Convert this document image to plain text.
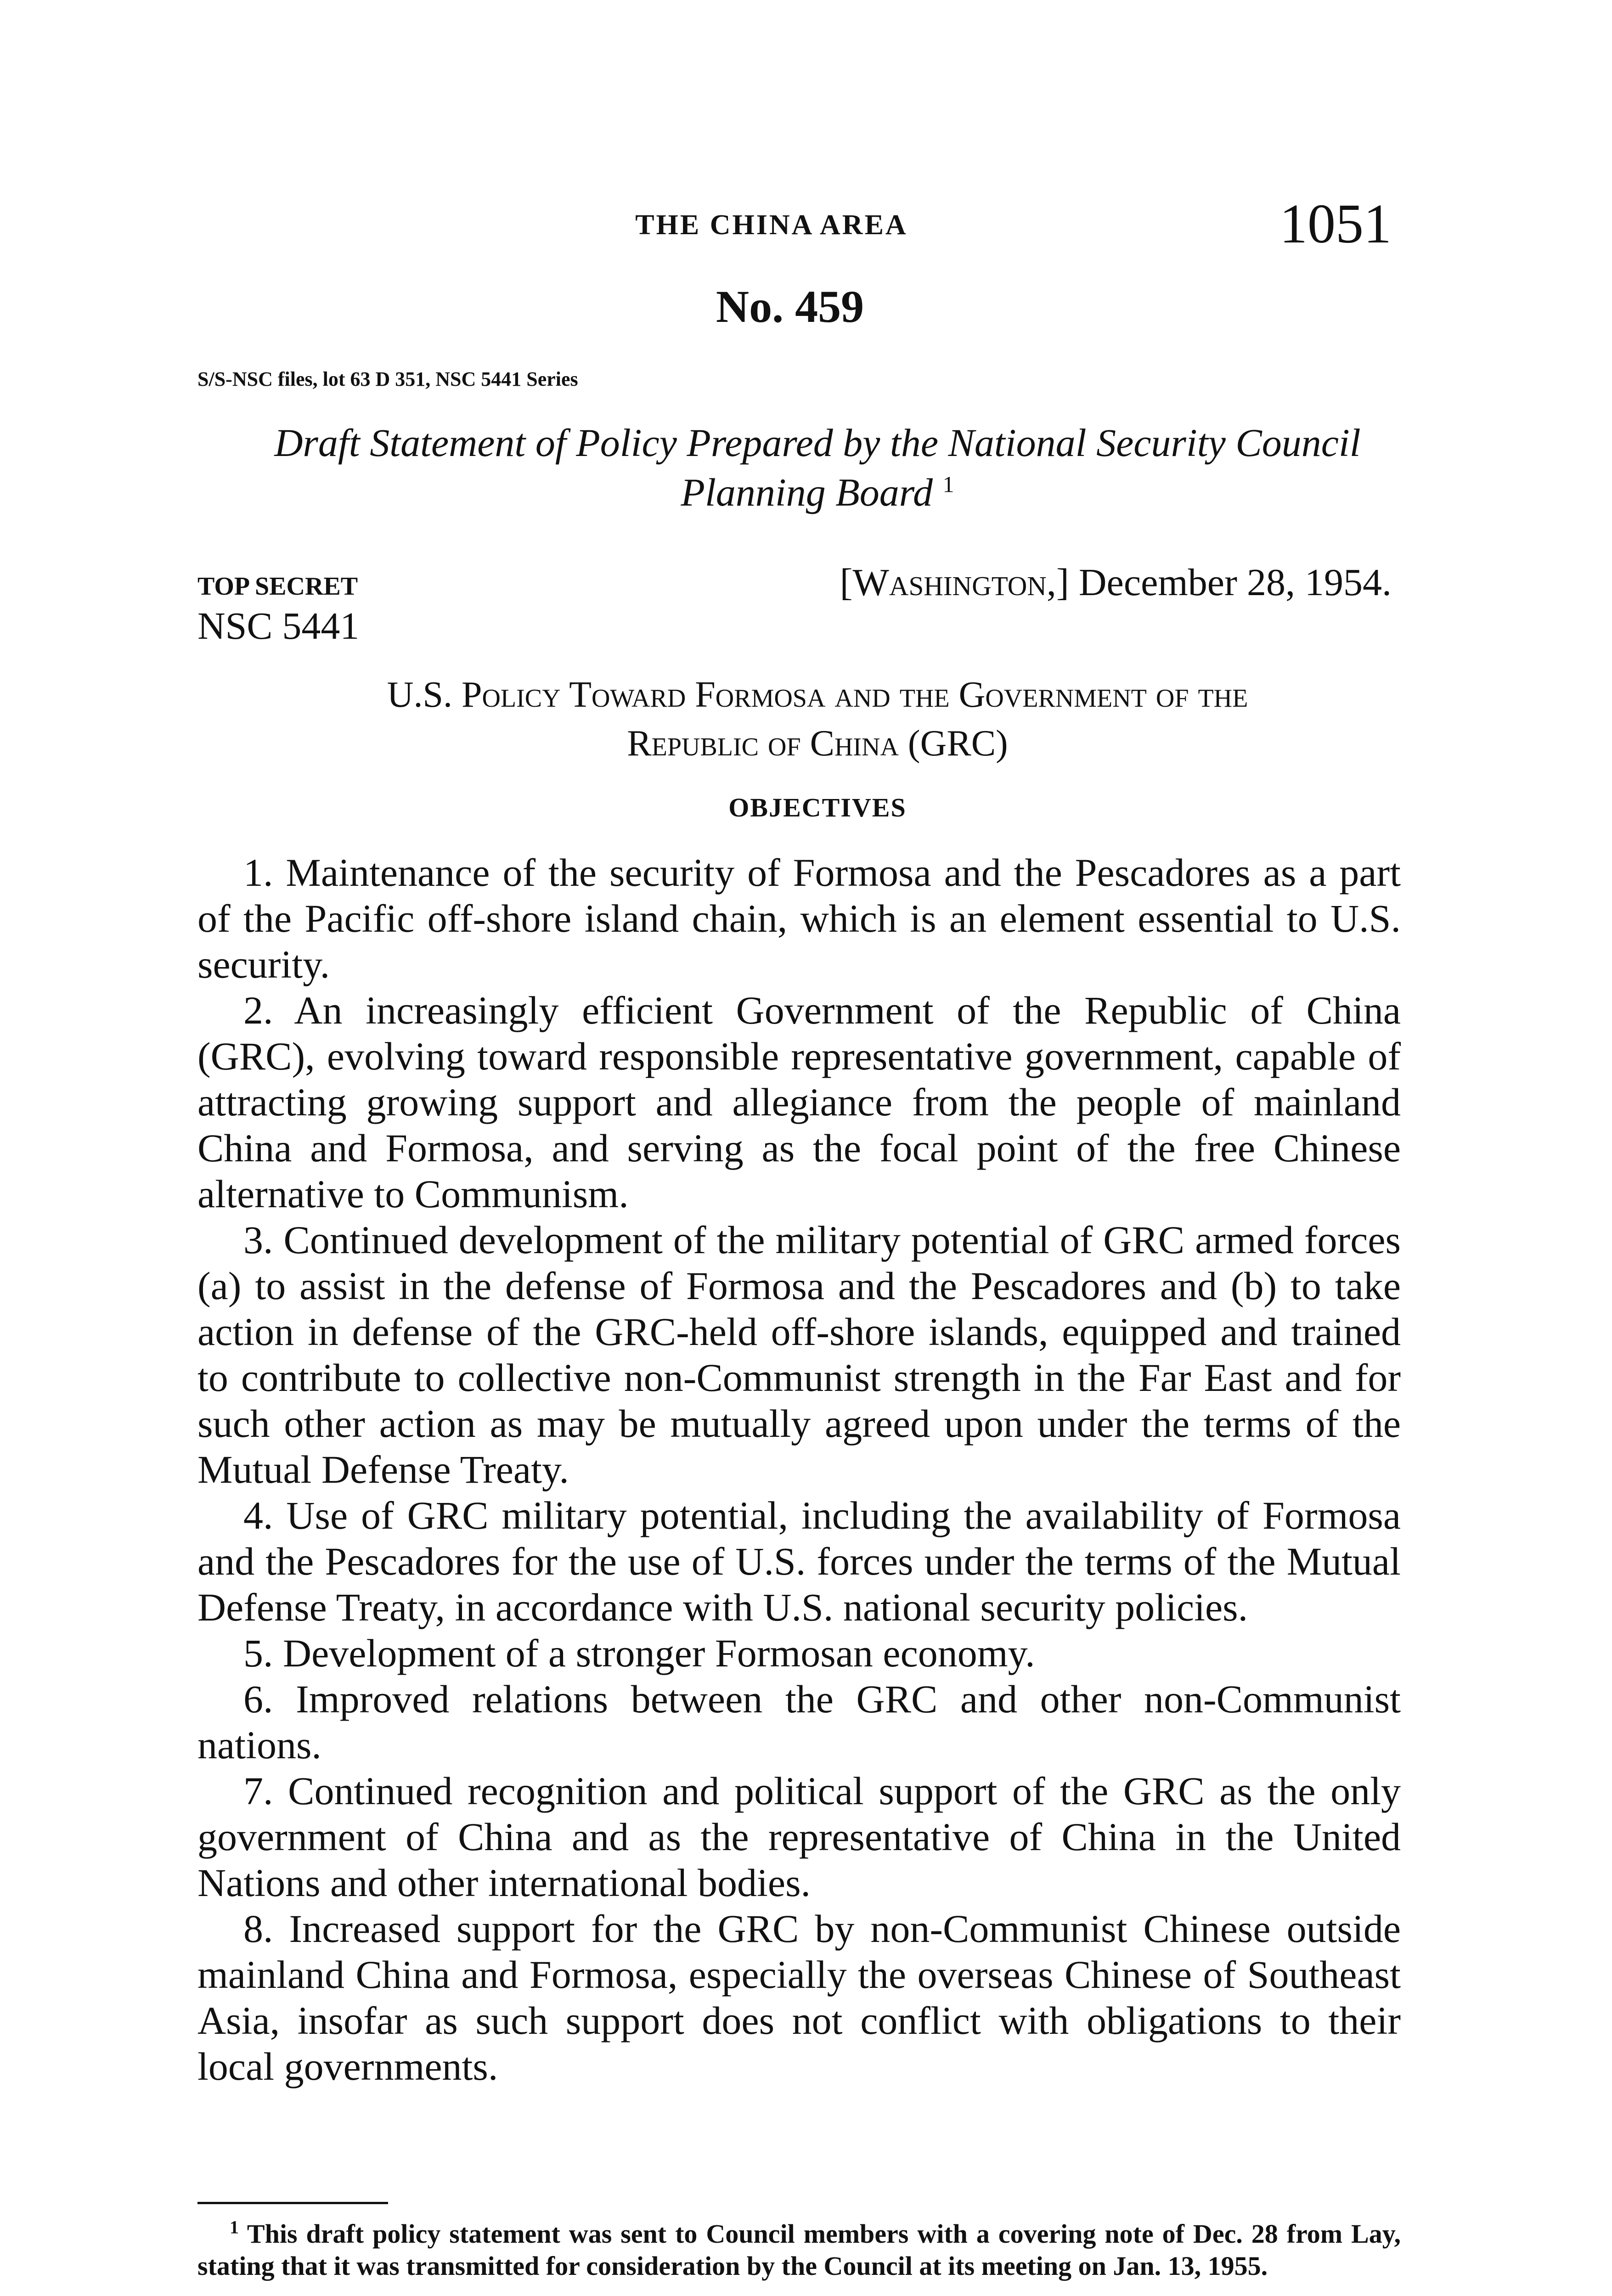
THE CHINA AREA	1051
No. 459
S/S-NSC files, lot 63 D 351, NSC 5441 Series
Draft Statement of Policy Prepared by the National Security Council Planning Board $^1$
TOP SECRET
NSC 5441
[Washington,] December 28, 1954.
U.S. Policy Toward Formosa and the Government of the
Republic of China (GRC)
OBJECTIVES

1. Maintenance of the security of Formosa and the Pescadores as a part of the Pacific off-shore island chain, which is an element essential to U.S. security.

2. An increasingly efficient Government of the Republic of China (GRC), evolving toward responsible representative government, capable of attracting growing support and allegiance from the people of mainland China and Formosa, and serving as the focal point of the free Chinese alternative to Communism.

3. Continued development of the military potential of GRC armed forces (a) to assist in the defense of Formosa and the Pescadores and (b) to take action in defense of the GRC-held off-shore islands, equipped and trained to contribute to collective non-Communist strength in the Far East and for such other action as may be mutually agreed upon under the terms of the Mutual Defense Treaty.

4. Use of GRC military potential, including the availability of Formosa and the Pescadores for the use of U.S. forces under the terms of the Mutual Defense Treaty, in accordance with U.S. national security policies.

5. Development of a stronger Formosan economy.

6. Improved relations between the GRC and other non-Communist nations.

7. Continued recognition and political support of the GRC as the only government of China and as the representative of China in the United Nations and other international bodies.

8. Increased support for the GRC by non-Communist Chinese outside mainland China and Formosa, especially the overseas Chinese of Southeast Asia, insofar as such support does not conflict with obligations to their local governments.

$^1$ This draft policy statement was sent to Council members with a covering note of Dec. 28 from Lay, stating that it was transmitted for consideration by the Council at its meeting on Jan. 13, 1955.
